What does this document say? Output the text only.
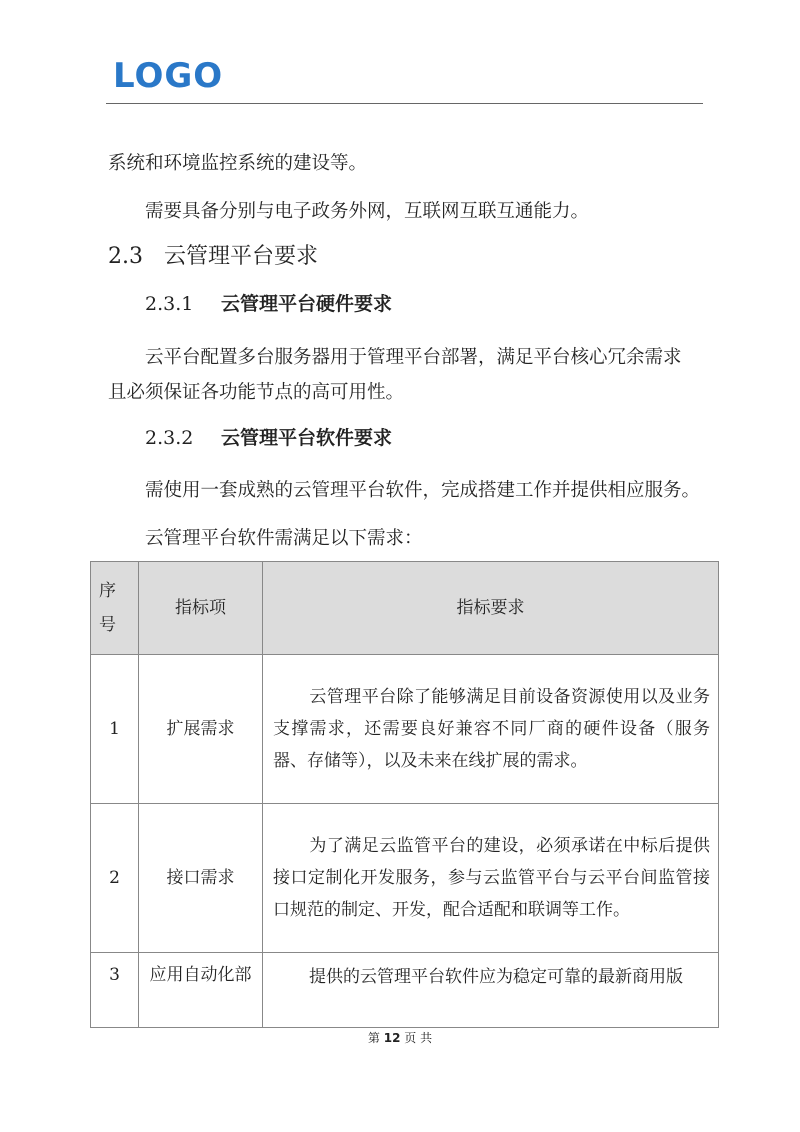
LOGO
系统和环境监控系统的建设等。
需要具备分别与电子政务外网，互联网互联互通能力。
2.3 云管理平台要求
2.3.1 云管理平台硬件要求
云平台配置多台服务器用于管理平台部署，满足平台核心冗余需求
且必须保证各功能节点的高可用性。
2.3.2 云管理平台软件要求
需使用一套成熟的云管理平台软件，完成搭建工作并提供相应服务。
云管理平台软件需满足以下需求：
序
号	指标项	指标要求
1	扩展需求	云管理平台除了能够满足目前设备资源使用以及业务支撑需求，还需要良好兼容不同厂商的硬件设备（服务器、存储等），以及未来在线扩展的需求。
2	接口需求	为了满足云监管平台的建设，必须承诺在中标后提供接口定制化开发服务，参与云监管平台与云平台间监管接口规范的制定、开发，配合适配和联调等工作。
3	应用自动化部	提供的云管理平台软件应为稳定可靠的最新商用版
第 12 页 共
